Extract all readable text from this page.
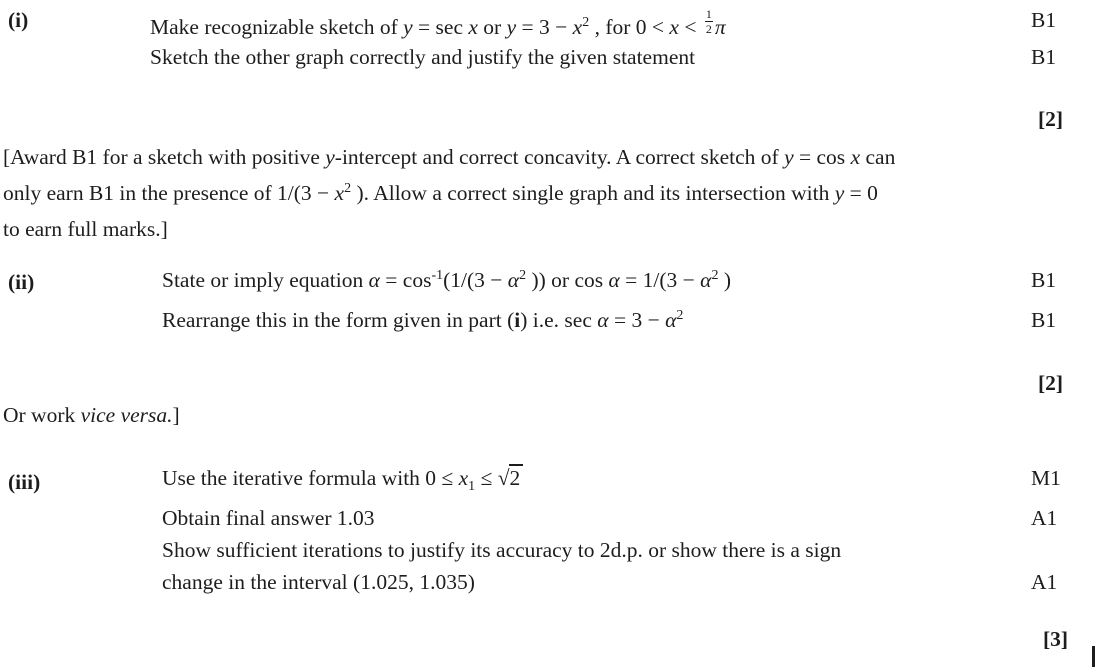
(i)	Make recognizable sketch of y = sec x or $y = 3 - x^2$ , for $0 < x < \frac{1}{2}$ π	B1
Sketch the other graph correctly and justify the given statement	B1
[2]
[Award B1 for a sketch with positive y-intercept and correct concavity. A correct sketch of y = cos x can
only earn B1 in the presence of $1/(3 - x^2$ ). Allow a correct single graph and its intersection with y = 0
to earn full marks.]
(ii)	State or imply equation $\alpha = \cos^{-1}(1/(3 - \alpha^2$ )) or $\cos \alpha = 1/(3 - \alpha^2$ )	B1
Rearrange this in the form given in part (i) i.e. $\sec \alpha = 3 - \alpha^2$	B1
[2]
Or work vice versa.]
(iii)	Use the iterative formula with $0 \le x_1 \le √2$	M1
Obtain final answer 1.03	A1
Show sufficient iterations to justify its accuracy to 2d.p. or show there is a sign
change in the interval (1.025, 1.035)	A1
[3]
